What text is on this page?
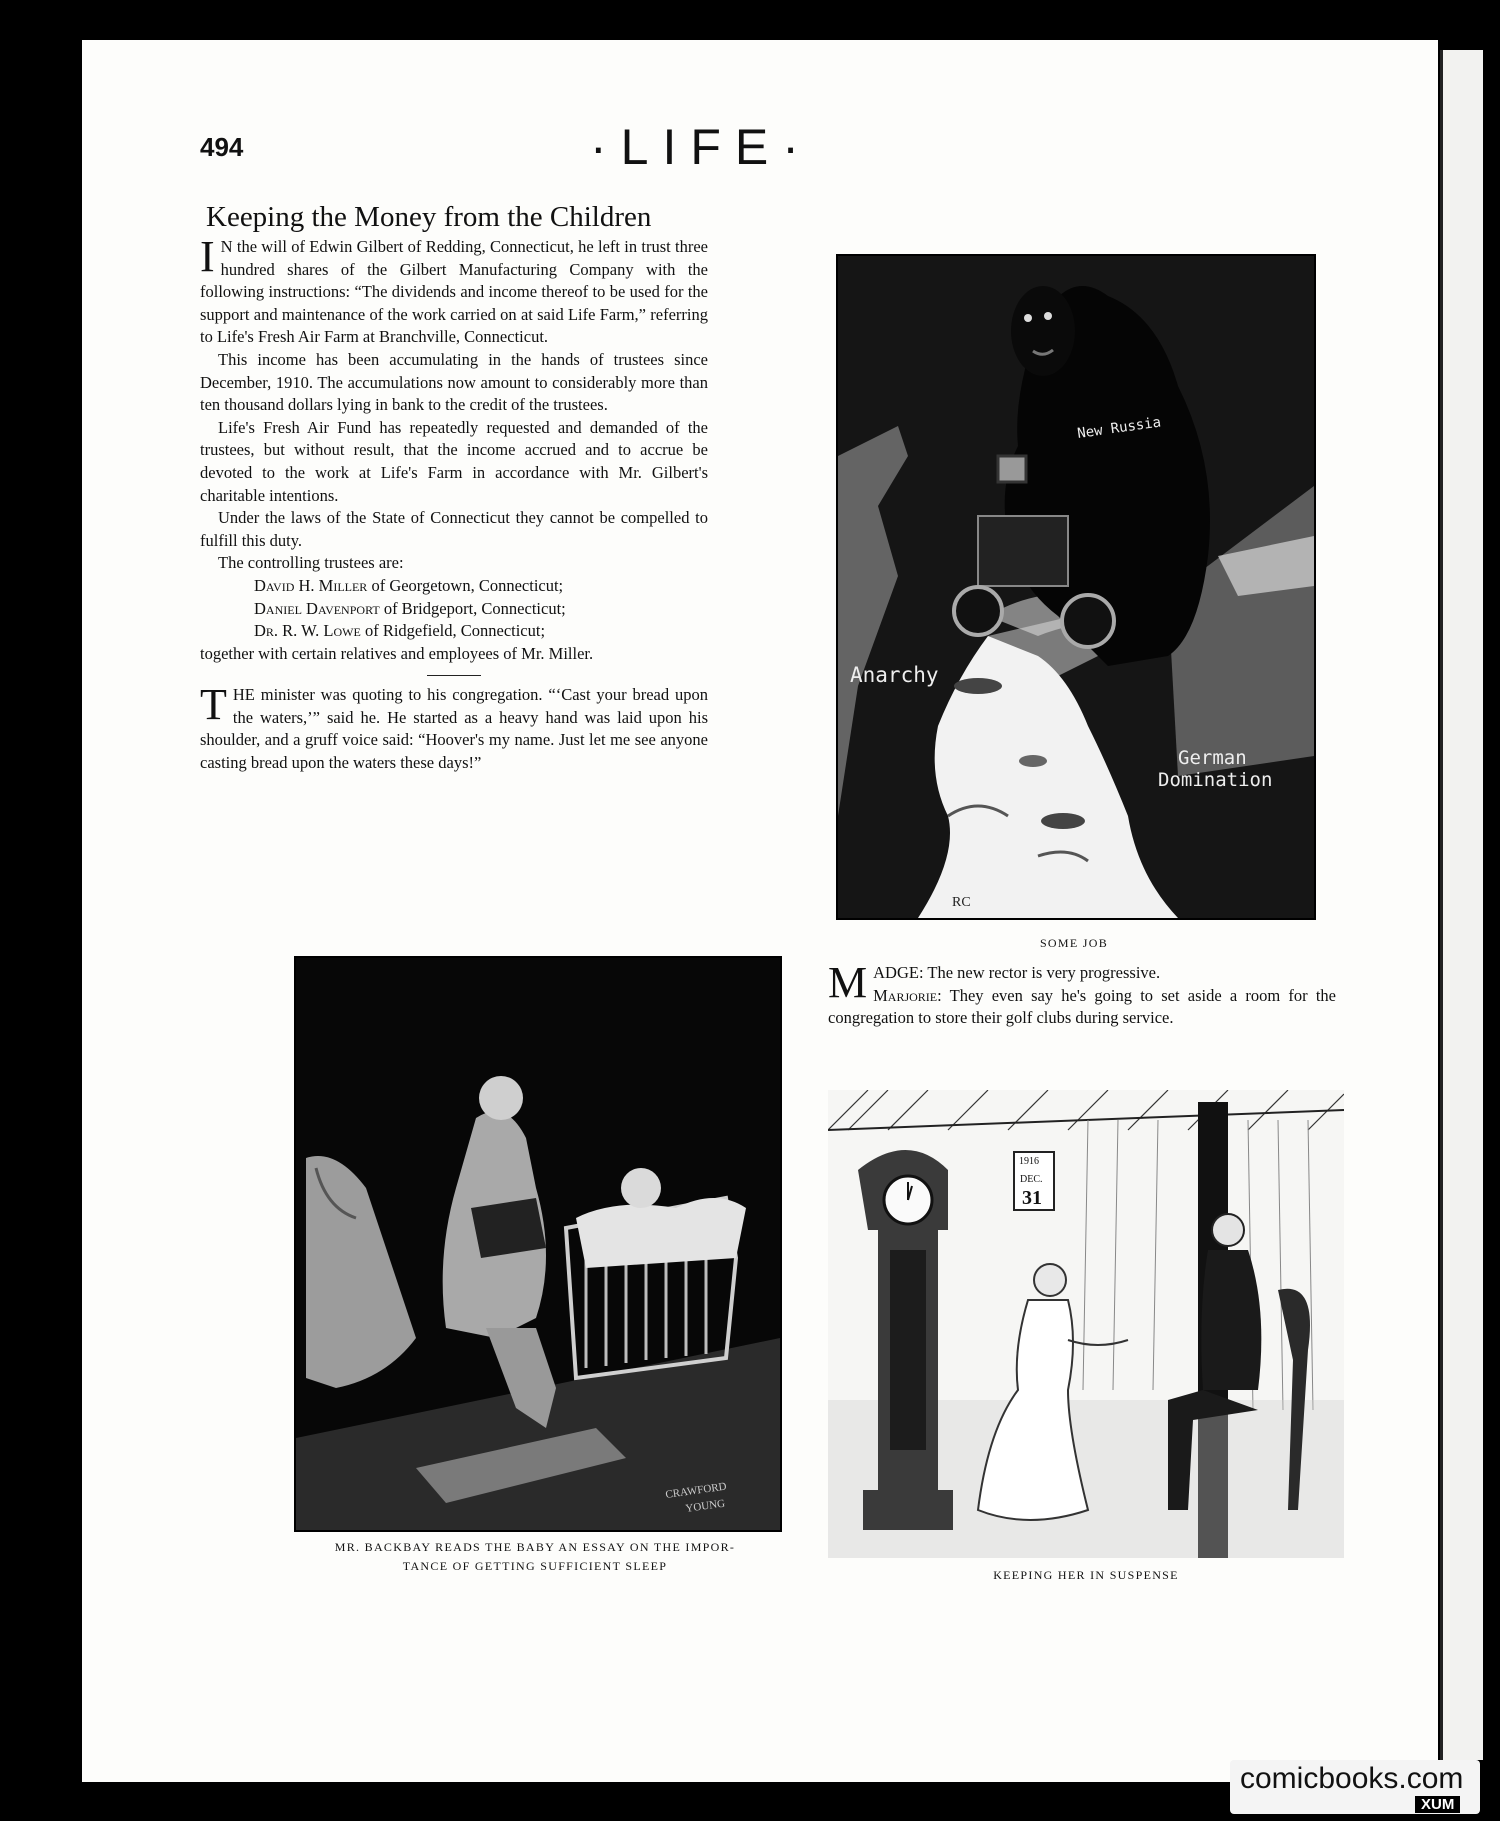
494	·LIFE·
Keeping the Money from the Children

I N the will of Edwin Gilbert of Redding, Connecticut, he left in trust three hundred shares of the Gilbert Manufacturing Company with the following instructions: “The dividends and income thereof to be used for the support and maintenance of the work carried on at said Life Farm,” referring to Life's Fresh Air Farm at Branchville, Connecticut.

This income has been accumulating in the hands of trustees since December, 1910. The accumulations now amount to considerably more than ten thousand dollars lying in bank to the credit of the trustees.

Life's Fresh Air Fund has repeatedly requested and demanded of the trustees, but without result, that the income accrued and to accrue be devoted to the work at Life's Farm in accordance with Mr. Gilbert's charitable intentions.

Under the laws of the State of Connecticut they cannot be compelled to fulfill this duty.

The controlling trustees are:

David H. Miller of Georgetown, Connecticut;

Daniel Davenport of Bridgeport, Connecticut;

Dr. R. W. Lowe of Ridgefield, Connecticut;

together with certain relatives and employees of Mr. Miller.

THE minister was quoting to his congregation. “‘Cast your bread upon the waters,’” said he. He started as a heavy hand was laid upon his shoulder, and a gruff voice said: “Hoover's my name. Just let me see anyone casting bread upon the waters these days!”

New Russia
Anarchy
German
Domination
RC
SOME JOB

MADGE: The new rector is very progressive.

Marjorie: They even say he's going to set aside a room for the congregation to store their golf clubs during service.

CRAWFORD
YOUNG
MR. BACKBAY READS THE BABY AN ESSAY ON THE IMPOR-
TANCE OF GETTING SUFFICIENT SLEEP
1916
DEC.
31
KEEPING HER IN SUSPENSE
comicbooks.com
XUM
